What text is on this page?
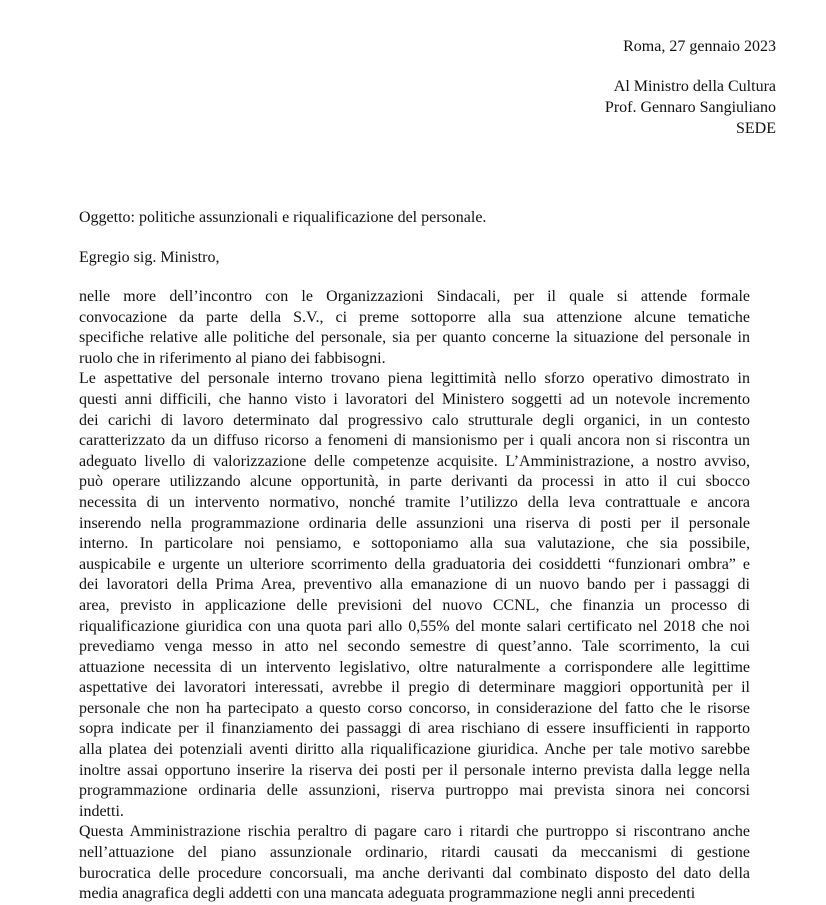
Roma, 27 gennaio 2023
Al Ministro della Cultura
Prof. Gennaro Sangiuliano
SEDE
Oggetto: politiche assunzionali e riqualificazione del personale.
Egregio sig. Ministro,
nelle more dell’incontro con le Organizzazioni Sindacali, per il quale si attende formale
convocazione da parte della S.V., ci preme sottoporre alla sua attenzione alcune tematiche
specifiche relative alle politiche del personale, sia per quanto concerne la situazione del personale in
ruolo che in riferimento al piano dei fabbisogni.
Le aspettative del personale interno trovano piena legittimità nello sforzo operativo dimostrato in
questi anni difficili, che hanno visto i lavoratori del Ministero soggetti ad un notevole incremento
dei carichi di lavoro determinato dal progressivo calo strutturale degli organici, in un contesto
caratterizzato da un diffuso ricorso a fenomeni di mansionismo per i quali ancora non si riscontra un
adeguato livello di valorizzazione delle competenze acquisite. L’Amministrazione, a nostro avviso,
può operare utilizzando alcune opportunità, in parte derivanti da processi in atto il cui sbocco
necessita di un intervento normativo, nonché tramite l’utilizzo della leva contrattuale e ancora
inserendo nella programmazione ordinaria delle assunzioni una riserva di posti per il personale
interno. In particolare noi pensiamo, e sottoponiamo alla sua valutazione, che sia possibile,
auspicabile e urgente un ulteriore scorrimento della graduatoria dei cosiddetti “funzionari ombra” e
dei lavoratori della Prima Area, preventivo alla emanazione di un nuovo bando per i passaggi di
area, previsto in applicazione delle previsioni del nuovo CCNL, che finanzia un processo di
riqualificazione giuridica con una quota pari allo 0,55% del monte salari certificato nel 2018 che noi
prevediamo venga messo in atto nel secondo semestre di quest’anno. Tale scorrimento, la cui
attuazione necessita di un intervento legislativo, oltre naturalmente a corrispondere alle legittime
aspettative dei lavoratori interessati, avrebbe il pregio di determinare maggiori opportunità per il
personale che non ha partecipato a questo corso concorso, in considerazione del fatto che le risorse
sopra indicate per il finanziamento dei passaggi di area rischiano di essere insufficienti in rapporto
alla platea dei potenziali aventi diritto alla riqualificazione giuridica. Anche per tale motivo sarebbe
inoltre assai opportuno inserire la riserva dei posti per il personale interno prevista dalla legge nella
programmazione ordinaria delle assunzioni, riserva purtroppo mai prevista sinora nei concorsi
indetti.
Questa Amministrazione rischia peraltro di pagare caro i ritardi che purtroppo si riscontrano anche
nell’attuazione del piano assunzionale ordinario, ritardi causati da meccanismi di gestione
burocratica delle procedure concorsuali, ma anche derivanti dal combinato disposto del dato della
media anagrafica degli addetti con una mancata adeguata programmazione negli anni precedenti
